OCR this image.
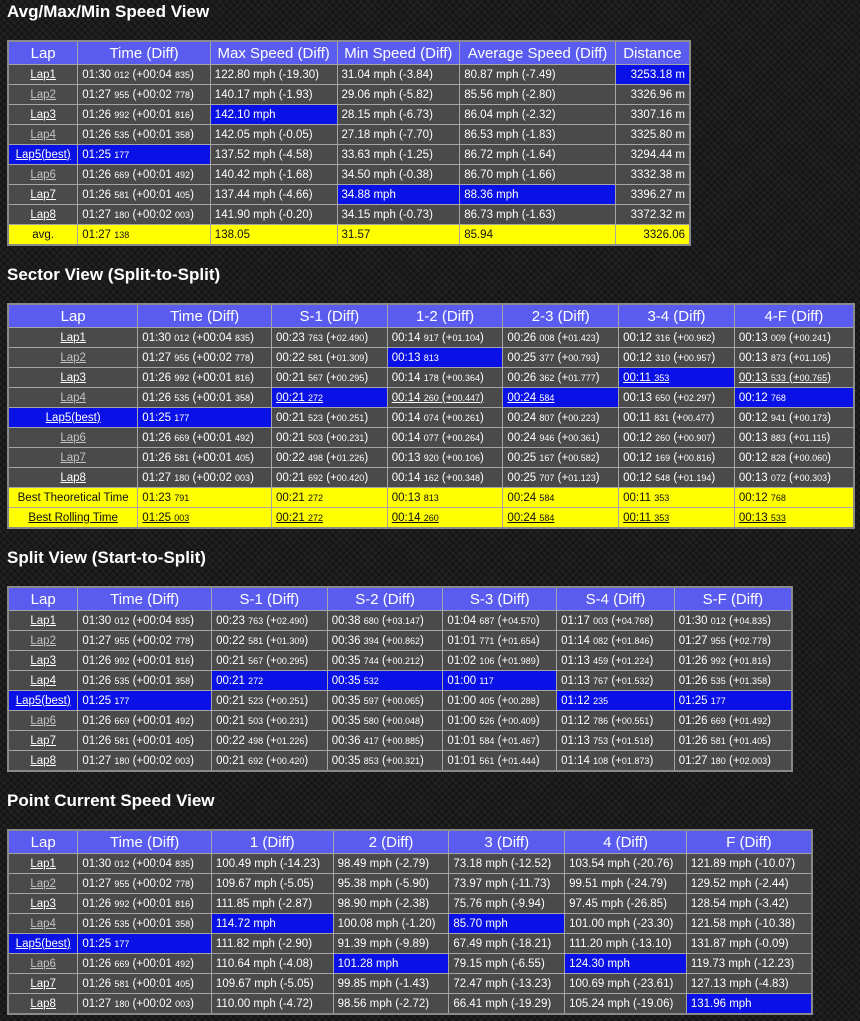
Avg/Max/Min Speed View
Lap	Time (Diff)	Max Speed (Diff)	Min Speed (Diff)	Average Speed (Diff)	Distance
Lap1	01:30 012 (+00:04 835)	122.80 mph (-19.30)	31.04 mph (-3.84)	80.87 mph (-7.49)	3253.18 m
Lap2	01:27 955 (+00:02 778)	140.17 mph (-1.93)	29.06 mph (-5.82)	85.56 mph (-2.80)	3326.96 m
Lap3	01:26 992 (+00:01 816)	142.10 mph	28.15 mph (-6.73)	86.04 mph (-2.32)	3307.16 m
Lap4	01:26 535 (+00:01 358)	142.05 mph (-0.05)	27.18 mph (-7.70)	86.53 mph (-1.83)	3325.80 m
Lap5(best)	01:25 177	137.52 mph (-4.58)	33.63 mph (-1.25)	86.72 mph (-1.64)	3294.44 m
Lap6	01:26 669 (+00:01 492)	140.42 mph (-1.68)	34.50 mph (-0.38)	86.70 mph (-1.66)	3332.38 m
Lap7	01:26 581 (+00:01 405)	137.44 mph (-4.66)	34.88 mph	88.36 mph	3396.27 m
Lap8	01:27 180 (+00:02 003)	141.90 mph (-0.20)	34.15 mph (-0.73)	86.73 mph (-1.63)	3372.32 m
avg.	01:27 138	138.05	31.57	85.94	3326.06
Sector View (Split-to-Split)
Lap	Time (Diff)	S-1 (Diff)	1-2 (Diff)	2-3 (Diff)	3-4 (Diff)	4-F (Diff)
Lap1	01:30 012 (+00:04 835)	00:23 763 (+02.490)	00:14 917 (+01.104)	00:26 008 (+01.423)	00:12 316 (+00.962)	00:13 009 (+00.241)
Lap2	01:27 955 (+00:02 778)	00:22 581 (+01.309)	00:13 813	00:25 377 (+00.793)	00:12 310 (+00.957)	00:13 873 (+01.105)
Lap3	01:26 992 (+00:01 816)	00:21 567 (+00.295)	00:14 178 (+00.364)	00:26 362 (+01.777)	00:11 353	00:13 533 (+00.765)
Lap4	01:26 535 (+00:01 358)	00:21 272	00:14 260 (+00.447)	00:24 584	00:13 650 (+02.297)	00:12 768
Lap5(best)	01:25 177	00:21 523 (+00.251)	00:14 074 (+00.261)	00:24 807 (+00.223)	00:11 831 (+00.477)	00:12 941 (+00.173)
Lap6	01:26 669 (+00:01 492)	00:21 503 (+00.231)	00:14 077 (+00.264)	00:24 946 (+00.361)	00:12 260 (+00.907)	00:13 883 (+01.115)
Lap7	01:26 581 (+00:01 405)	00:22 498 (+01.226)	00:13 920 (+00.106)	00:25 167 (+00.582)	00:12 169 (+00.816)	00:12 828 (+00.060)
Lap8	01:27 180 (+00:02 003)	00:21 692 (+00.420)	00:14 162 (+00.348)	00:25 707 (+01.123)	00:12 548 (+01.194)	00:13 072 (+00.303)
Best Theoretical Time	01:23 791	00:21 272	00:13 813	00:24 584	00:11 353	00:12 768
Best Rolling Time	01:25 003	00:21 272	00:14 260	00:24 584	00:11 353	00:13 533
Split View (Start-to-Split)
Lap	Time (Diff)	S-1 (Diff)	S-2 (Diff)	S-3 (Diff)	S-4 (Diff)	S-F (Diff)
Lap1	01:30 012 (+00:04 835)	00:23 763 (+02.490)	00:38 680 (+03.147)	01:04 687 (+04.570)	01:17 003 (+04.768)	01:30 012 (+04.835)
Lap2	01:27 955 (+00:02 778)	00:22 581 (+01.309)	00:36 394 (+00.862)	01:01 771 (+01.654)	01:14 082 (+01.846)	01:27 955 (+02.778)
Lap3	01:26 992 (+00:01 816)	00:21 567 (+00.295)	00:35 744 (+00.212)	01:02 106 (+01.989)	01:13 459 (+01.224)	01:26 992 (+01.816)
Lap4	01:26 535 (+00:01 358)	00:21 272	00:35 532	01:00 117	01:13 767 (+01.532)	01:26 535 (+01.358)
Lap5(best)	01:25 177	00:21 523 (+00.251)	00:35 597 (+00.065)	01:00 405 (+00.288)	01:12 235	01:25 177
Lap6	01:26 669 (+00:01 492)	00:21 503 (+00.231)	00:35 580 (+00.048)	01:00 526 (+00.409)	01:12 786 (+00.551)	01:26 669 (+01.492)
Lap7	01:26 581 (+00:01 405)	00:22 498 (+01.226)	00:36 417 (+00.885)	01:01 584 (+01.467)	01:13 753 (+01.518)	01:26 581 (+01.405)
Lap8	01:27 180 (+00:02 003)	00:21 692 (+00.420)	00:35 853 (+00.321)	01:01 561 (+01.444)	01:14 108 (+01.873)	01:27 180 (+02.003)
Point Current Speed View
Lap	Time (Diff)	1 (Diff)	2 (Diff)	3 (Diff)	4 (Diff)	F (Diff)
Lap1	01:30 012 (+00:04 835)	100.49 mph (-14.23)	98.49 mph (-2.79)	73.18 mph (-12.52)	103.54 mph (-20.76)	121.89 mph (-10.07)
Lap2	01:27 955 (+00:02 778)	109.67 mph (-5.05)	95.38 mph (-5.90)	73.97 mph (-11.73)	99.51 mph (-24.79)	129.52 mph (-2.44)
Lap3	01:26 992 (+00:01 816)	111.85 mph (-2.87)	98.90 mph (-2.38)	75.76 mph (-9.94)	97.45 mph (-26.85)	128.54 mph (-3.42)
Lap4	01:26 535 (+00:01 358)	114.72 mph	100.08 mph (-1.20)	85.70 mph	101.00 mph (-23.30)	121.58 mph (-10.38)
Lap5(best)	01:25 177	111.82 mph (-2.90)	91.39 mph (-9.89)	67.49 mph (-18.21)	111.20 mph (-13.10)	131.87 mph (-0.09)
Lap6	01:26 669 (+00:01 492)	110.64 mph (-4.08)	101.28 mph	79.15 mph (-6.55)	124.30 mph	119.73 mph (-12.23)
Lap7	01:26 581 (+00:01 405)	109.67 mph (-5.05)	99.85 mph (-1.43)	72.47 mph (-13.23)	100.69 mph (-23.61)	127.13 mph (-4.83)
Lap8	01:27 180 (+00:02 003)	110.00 mph (-4.72)	98.56 mph (-2.72)	66.41 mph (-19.29)	105.24 mph (-19.06)	131.96 mph
